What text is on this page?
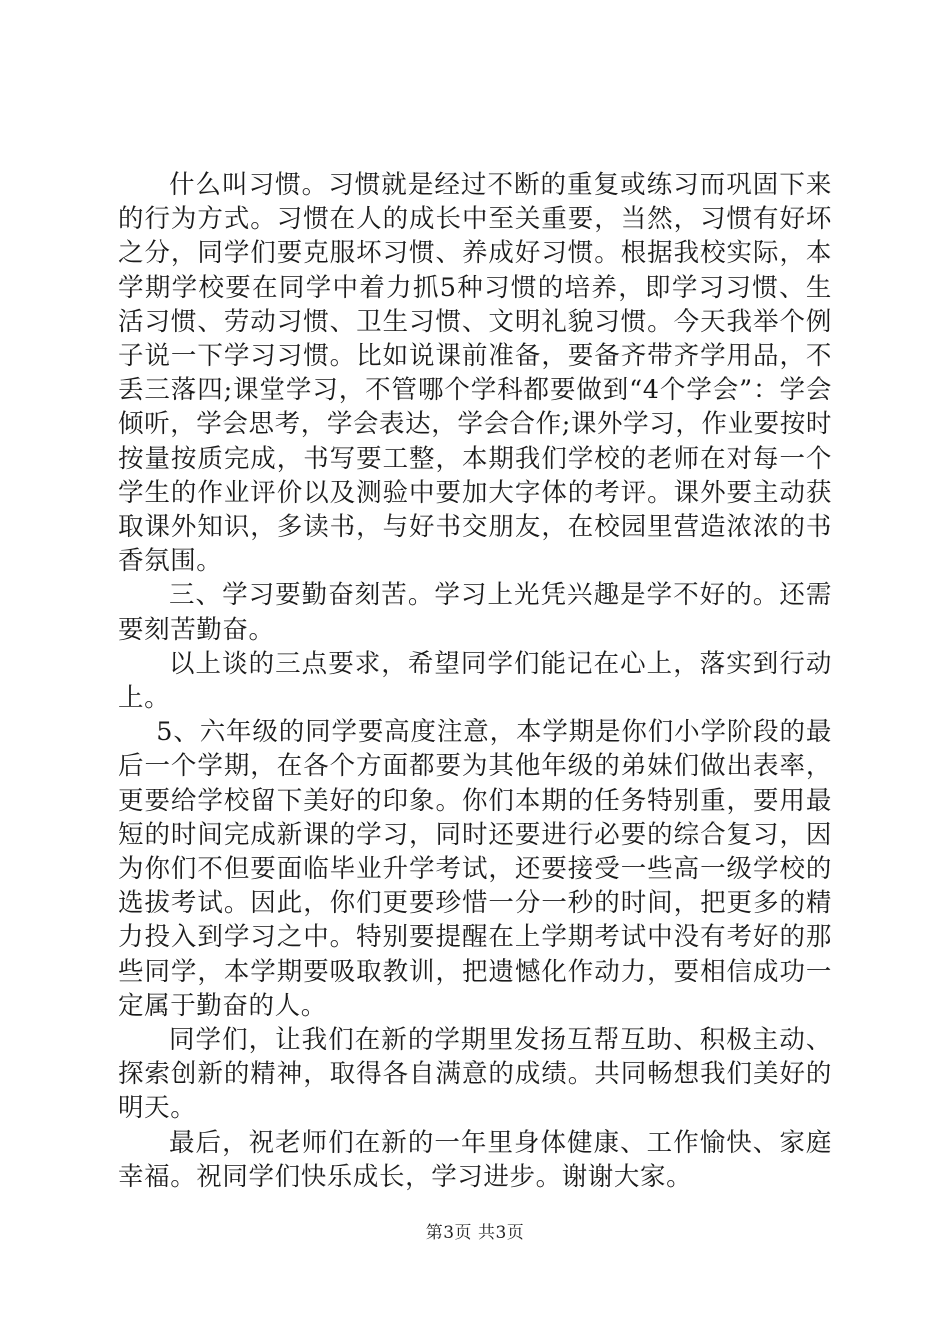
什么叫习惯。习惯就是经过不断的重复或练习而巩固下来的行为方式。习惯在人的成长中至关重要，当然，习惯有好坏之分，同学们要克服坏习惯、养成好习惯。根据我校实际，本学期学校要在同学中着力抓5种习惯的培养，即学习习惯、生活习惯、劳动习惯、卫生习惯、文明礼貌习惯。今天我举个例子说一下学习习惯。比如说课前准备，要备齐带齐学用品，不丢三落四;课堂学习，不管哪个学科都要做到“4个学会”：学会倾听，学会思考，学会表达，学会合作;课外学习，作业要按时按量按质完成，书写要工整，本期我们学校的老师在对每一个学生的作业评价以及测验中要加大字体的考评。课外要主动获取课外知识，多读书，与好书交朋友，在校园里营造浓浓的书香氛围。

三、学习要勤奋刻苦。学习上光凭兴趣是学不好的。还需要刻苦勤奋。

以上谈的三点要求，希望同学们能记在心上，落实到行动上。

5、六年级的同学要高度注意，本学期是你们小学阶段的最后一个学期，在各个方面都要为其他年级的弟妹们做出表率，更要给学校留下美好的印象。你们本期的任务特别重，要用最短的时间完成新课的学习，同时还要进行必要的综合复习，因为你们不但要面临毕业升学考试，还要接受一些高一级学校的选拔考试。因此，你们更要珍惜一分一秒的时间，把更多的精力投入到学习之中。特别要提醒在上学期考试中没有考好的那些同学，本学期要吸取教训，把遗憾化作动力，要相信成功一定属于勤奋的人。

同学们，让我们在新的学期里发扬互帮互助、积极主动、探索创新的精神，取得各自满意的成绩。共同畅想我们美好的明天。

最后，祝老师们在新的一年里身体健康、工作愉快、家庭幸福。祝同学们快乐成长，学习进步。谢谢大家。

第3页 共3页
